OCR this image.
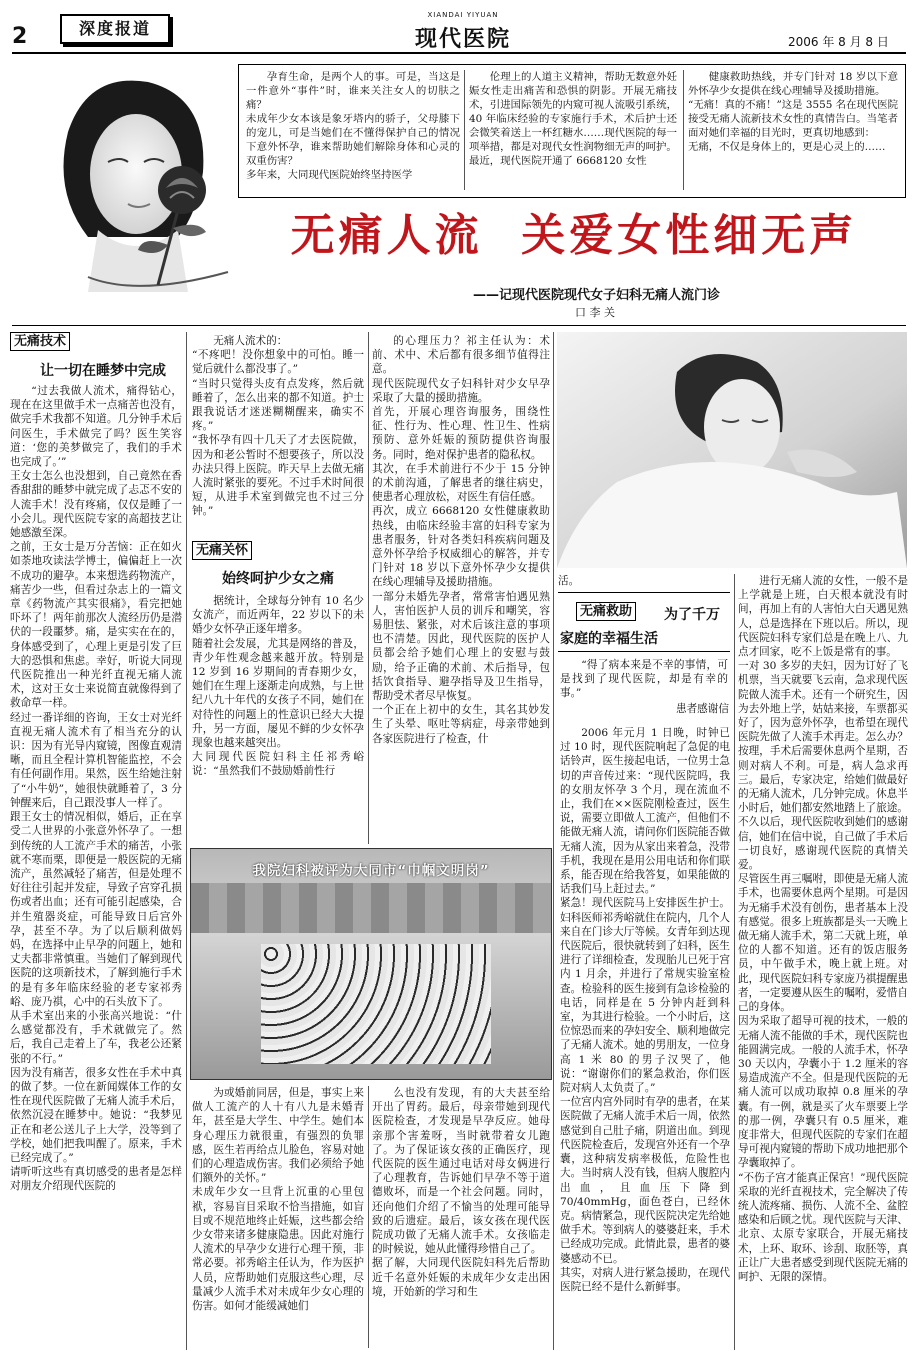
2	深度报道
XIANDAI YIYUAN
现代医院	2006 年 8 月 8 日
孕育生命，是两个人的事。可是，当这是一件意外“事件”时，谁来关注女人的切肤之痛？
未成年少女本该是象牙塔内的骄子，父母膝下的宠儿，可是当她们在不懂得保护自己的情况下意外怀孕，谁来帮助她们解除身体和心灵的双重伤害？
多年来，大同现代医院始终坚持医学
伦理上的人道主义精神，帮助无数意外妊娠女性走出痛苦和恐惧的阴影。开展无痛技术，引进国际领先的内窥可视人流吸引系统，40 年临床经验的专家施行手术，术后护士还会微笑着送上一杯红糖水……现代医院的每一项举措，都是对现代女性润物细无声的呵护。
最近，现代医院开通了 6668120 女性
健康救助热线，并专门针对 18 岁以下意外怀孕少女提供在线心理辅导及援助措施。
“无痛！真的不痛！”这是 3555 名在现代医院接受无痛人流新技术女性的真情告白。当笔者面对她们幸福的目光时，更真切地感到：
无痛，不仅是身体上的，更是心灵上的……
无痛人流  关爱女性细无声
——记现代医院现代女子妇科无痛人流门诊
口 李 关
无痛技术
让一切在睡梦中完成
“过去我做人流术，痛得钻心，现在在这里做手术一点痛苦也没有，做完手术我都不知道。几分钟手术后问医生，手术做完了吗？医生笑容道：‘您的美梦做完了，我们的手术也完成了。’”
王女士怎么也没想到，自己竟然在香香甜甜的睡梦中就完成了忐忑不安的人流手术！没有疼痛，仅仅是睡了一小会儿。现代医院专家的高超技艺让她感激至深。
之前，王女士是万分苦恼：正在如火如荼地攻读法学博士，偏偏赶上一次不成功的避孕。本来想选药物流产，痛苦少一些，但看过杂志上的一篇文章《药物流产其实很痛》，看完把她吓坏了！两年前那次人流经历仍是潜伏的一段噩梦。痛，是实实在在的，身体感受到了，心理上更是引发了巨大的恐惧和焦虑。幸好，听说大同现代医院推出一种光纤直视无痛人流术，这对王女士来说简直就像得到了救命草一样。
经过一番详细的咨询，王女士对光纤直视无痛人流术有了相当充分的认识：因为有光导内窥镜，图像直观清晰，而且全程计算机智能监控，不会有任何副作用。果然，医生给她注射了“小牛奶”，她很快就睡着了，3 分钟醒来后，自己跟没事人一样了。
跟王女士的情况相似，婚后，正在享受二人世界的小张意外怀孕了。一想到传统的人工流产手术的痛苦，小张就不寒而栗，即便是一般医院的无痛流产，虽然减轻了痛苦，但是处理不好往往引起并发症，导致子宫穿孔损伤或者出血；还有可能引起感染，合并生殖器炎症，可能导致日后宫外孕，甚至不孕。为了以后顺利做妈妈，在选择中止早孕的问题上，她和丈夫都非常慎重。当她们了解到现代医院的这项新技术，了解到施行手术的是有多年临床经验的老专家祁秀峪、庞乃祺，心中的石头放下了。
从手术室出来的小张高兴地说：“什么感觉都没有，手术就做完了。然后，我自己走着上了车，我老公还紧张的不行。”
因为没有痛苦，很多女性在手术中真的做了梦。一位在新闻媒体工作的女性在现代医院做了无痛人流手术后，依然沉浸在睡梦中。她说：“我梦见正在和老公送儿子上大学，没等到了学校，她们把我叫醒了。原来，手术已经完成了。”
请听听这些有真切感受的患者是怎样对朋友介绍现代医院的
无痛人流术的：
“不疼吧！没你想象中的可怕。睡一觉后就什么都没事了。”
“当时只觉得头皮有点发疼，然后就睡着了，怎么出来的都不知道。护士跟我说话才迷迷糊糊醒来，确实不疼。”
“我怀孕有四十几天了才去医院做，因为和老公暂时不想要孩子，所以没办法只得上医院。昨天早上去做无痛人流时紧张的要死。不过手术时间很短，从进手术室到做完也不过三分钟。”
无痛关怀
始终呵护少女之痛
据统计，全球每分钟有 10 名少女流产，而近两年，22 岁以下的未婚少女怀孕正逐年增多。
随着社会发展，尤其是网络的普及，青少年性观念越来越开放。特别是 12 岁到 16 岁期间的青春期少女，她们在生理上逐渐走向成熟，与上世纪八九十年代的女孩子不同，她们在对待性的问题上的性意识已经大大提升，另一方面，屡见不鲜的少女怀孕现象也越来越突出。
大同现代医院妇科主任祁秀峪说：“虽然我们不鼓励婚前性行
的心理压力？祁主任认为：术前、术中、术后都有很多细节值得注意。
现代医院现代女子妇科针对少女早孕采取了大量的援助措施。
首先，开展心理咨询服务，围绕性征、性行为、性心理、性卫生、性病预防、意外妊娠的预防提供咨询服务。同时，绝对保护患者的隐私权。
其次，在手术前进行不少于 15 分钟的术前沟通，了解患者的继往病史，使患者心理放松，对医生有信任感。
再次，成立 6668120 女性健康救助热线，由临床经验丰富的妇科专家为患者服务，针对各类妇科疾病问题及意外怀孕给予权威细心的解答，并专门针对 18 岁以下意外怀孕少女提供在线心理辅导及援助措施。
一部分未婚先孕者，常常害怕遇见熟人，害怕医护人员的训斥和嘲笑，容易胆怯、紧张，对术后该注意的事项也不清楚。因此，现代医院的医护人员都会给予她们心理上的安慰与鼓励，给予正确的术前、术后指导，包括饮食指导、避孕指导及卫生指导，帮助受术者尽早恢复。
一个正在上初中的女生，其名其妙发生了头晕、呕吐等病症，母亲带她到各家医院进行了检查，什
我院妇科被评为大同市“巾帼文明岗”
为或婚前同居，但是，事实上来做人工流产的人十有八九是未婚青年，甚至是大学生、中学生。她们本身心理压力就很重，有强烈的负罪感，医生若再给点儿脸色，容易对她们的心理造成伤害。我们必须给予她们额外的关怀。”
未成年少女一旦背上沉重的心里包袱，容易盲目采取不恰当措施，如盲目或不规范地终止妊娠，这些都会给少女带来诸多健康隐患。因此对施行人流术的早孕少女进行心理干预，非常必要。祁秀峪主任认为，作为医护人员，应帮助她们克服这些心理，尽量减少人流手术对未成年少女心理的伤害。如何才能缓减她们
么也没有发现，有的大夫甚至给开出了胃药。最后，母亲带她到现代医院检查，才发现是早孕反应。她母亲那个害羞呀，当时就带着女儿跑了。为了保证该女孩的正确医疗，现代医院的医生通过电话对母女俩进行了心理教育，告诉她们早孕不等于道德败坏，而是一个社会问题。同时，还向他们介绍了不愉当的处理可能导致的后遗症。最后，该女孩在现代医院成功做了无痛人流手术。女孩临走的时候说，她从此懂得珍惜自己了。
据了解，大同现代医院妇科先后帮助近千名意外妊娠的未成年少女走出困境，开始新的学习和生
活。
无痛救助 为了千万
家庭的幸福生活
“得了病本来是不幸的事情，可是找到了现代医院，却是有幸的事。”
患者感谢信
2006 年元月 1 日晚，时钟已过 10 时，现代医院响起了急促的电话铃声，医生接起电话，一位男士急切的声音传过来：“现代医院吗，我的女朋友怀孕 3 个月，现在流血不止，我们在××医院刚检查过，医生说，需要立即做人工流产，但他们不能做无痛人流，请问你们医院能否做无痛人流，因为从家出来着急，没带手机，我现在是用公用电话和你们联系，能否现在给我答复，如果能做的话我们马上赶过去。”
紧急！现代医院马上安排医生护士。妇科医师祁秀峪就住在院内，几个人来自在门诊大厅等候。女青年到达现代医院后，很快就转到了妇科，医生进行了详细检查，发现胎儿已死于宫内 1 月余，并进行了常规实验室检查。检验科的医生接到有急诊检验的电话，同样是在 5 分钟内赶到科室，为其进行检验。一个小时后，这位惊恐而来的孕妇安全、顺利地做完了无痛人流术。她的男朋友，一位身高 1 米 80 的男子汉哭了，他说：“谢谢你们的紧急救治，你们医院对病人太负责了。”
一位宫内宫外同时有孕的患者，在某医院做了无痛人流手术后一周，依然感觉到自己肚子痛，阴道出血。到现代医院检查后，发现宫外还有一个孕囊，这种病发病率极低，危险性也大。当时病人没有钱，但病人腹腔内出血，且血压下降到 70/40mmHg，面色苍白，已经休克。病情紧急，现代医院决定先给她做手术。等到病人的婆婆赶来，手术已经成功完成。此情此景，患者的婆婆感动不已。
其实，对病人进行紧急援助，在现代医院已经不是什么新鲜事。
进行无痛人流的女性，一般不是上学就是上班，白天根本就没有时间，再加上有的人害怕大白天遇见熟人，总是选择在下班以后。所以，现代医院妇科专家们总是在晚上八、九点才回家，吃不上饭是常有的事。
一对 30 多岁的夫妇，因为订好了飞机票，当天就要飞云南，急求现代医院做人流手术。还有一个研究生，因为去外地上学，姑姑来接，车票都买好了，因为意外怀孕，也希望在现代医院先做了人流手术再走。怎么办？按理，手术后需要休息两个星期，否则对病人不利。可是，病人急求再三。最后，专家决定，给她们做最好的无痛人流术，几分钟完成。休息半小时后，她们都安然地踏上了旅途。不久以后，现代医院收到她们的感谢信，她们在信中说，自己做了手术后一切良好，感谢现代医院的真情关爱。
尽管医生再三嘱咐，即使是无痛人流手术，也需要休息两个星期。可是因为无痛手术没有创伤，患者基本上没有感觉。很多上班族都是头一天晚上做无痛人流手术，第二天就上班，单位的人都不知道。还有的饭店服务员，中午做手术，晚上就上班。对此，现代医院妇科专家庞乃祺提醒患者，一定要遵从医生的嘱咐，爱惜自己的身体。
因为采取了超导可视的技术，一般的无痛人流不能做的手术，现代医院也能圆满完成。一般的人流手术，怀孕 30 天以内，孕囊小于 1.2 厘米的容易造成流产不全。但是现代医院的无痛人流可以成功取掉 0.8 厘米的孕囊。有一例，就是买了火车票要上学的那一例，孕囊只有 0.5 厘米，难度非常大，但现代医院的专家们在超导可视内窥镜的帮助下成功地把那个孕囊取掉了。
“不伤子宫才能真正保宫！”现代医院采取的光纤直视技术，完全解决了传统人流疼痛、损伤、人流不全、盆腔感染和后顾之忧。现代医院与天津、北京、太原专家联合，开展无痛技术，上环、取环、诊刮、取胚等，真正让广大患者感受到现代医院无痛的呵护、无限的深情。
